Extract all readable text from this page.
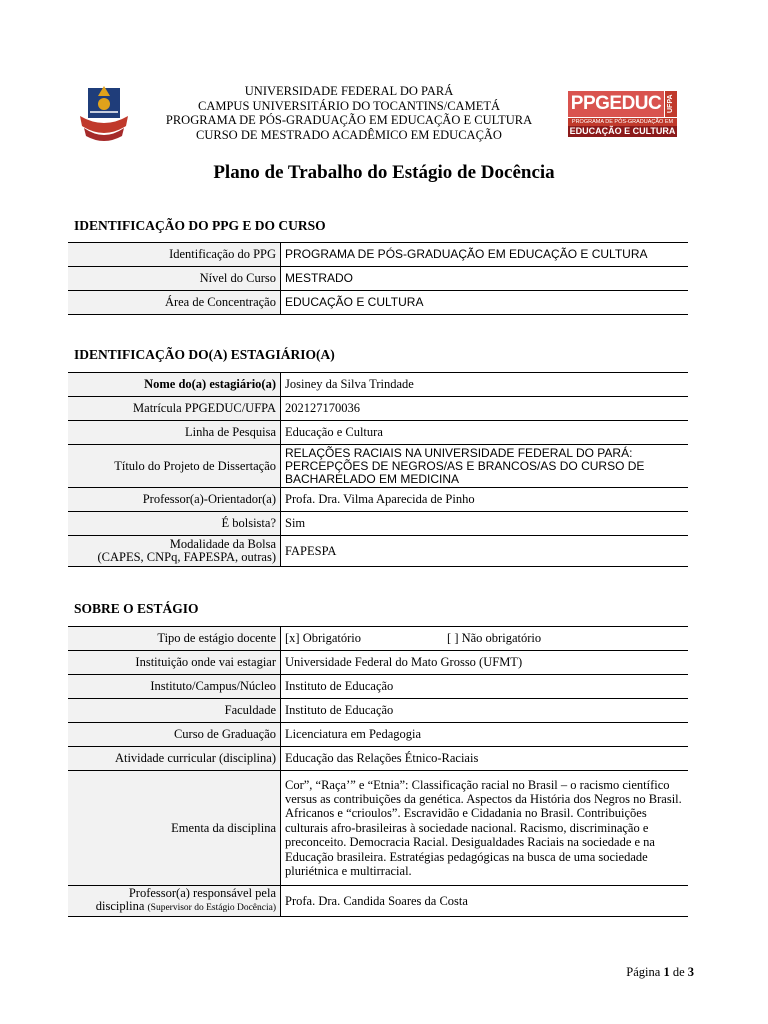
UNIVERSIDADE FEDERAL DO PARÁ
CAMPUS UNIVERSITÁRIO DO TOCANTINS/CAMETÁ
PROGRAMA DE PÓS-GRADUAÇÃO EM EDUCAÇÃO E CULTURA
CURSO DE MESTRADO ACADÊMICO EM EDUCAÇÃO
PPGEDUC UFPA
PROGRAMA DE PÓS-GRADUAÇÃO EM
EDUCAÇÃO E CULTURA
Plano de Trabalho do Estágio de Docência
IDENTIFICAÇÃO DO PPG E DO CURSO
Identificação do PPG	PROGRAMA DE PÓS-GRADUAÇÃO EM EDUCAÇÃO E CULTURA
Nível do Curso	MESTRADO
Área de Concentração	EDUCAÇÃO E CULTURA
IDENTIFICAÇÃO DO(A) ESTAGIÁRIO(A)
Nome do(a) estagiário(a)	Josiney da Silva Trindade
Matrícula PPGEDUC/UFPA	202127170036
Linha de Pesquisa	Educação e Cultura
Título do Projeto de Dissertação	RELAÇÕES RACIAIS NA UNIVERSIDADE FEDERAL DO PARÁ: PERCEPÇÕES DE NEGROS/AS E BRANCOS/AS DO CURSO DE BACHARELADO EM MEDICINA
Professor(a)-Orientador(a)	Profa. Dra. Vilma Aparecida de Pinho
É bolsista?	Sim

Modalidade da Bolsa
(CAPES, CNPq, FAPESPA, outras)	FAPESPA
SOBRE O ESTÁGIO
Tipo de estágio docente	[x] Obrigatório [ ] Não obrigatório
Instituição onde vai estagiar	Universidade Federal do Mato Grosso (UFMT)
Instituto/Campus/Núcleo	Instituto de Educação
Faculdade	Instituto de Educação
Curso de Graduação	Licenciatura em Pedagogia
Atividade curricular (disciplina)	Educação das Relações Étnico-Raciais
Ementa da disciplina	Cor”, “Raça’” e “Etnia”: Classificação racial no Brasil – o racismo científico versus as contribuições da genética. Aspectos da História dos Negros no Brasil. Africanos e “crioulos”. Escravidão e Cidadania no Brasil. Contribuições culturais afro-brasileiras à sociedade nacional. Racismo, discriminação e preconceito. Democracia Racial. Desigualdades Raciais na sociedade e na Educação brasileira. Estratégias pedagógicas na busca de uma sociedade pluriétnica e multirracial.

Professor(a) responsável pela
disciplina (Supervisor do Estágio Docência)	Profa. Dra. Candida Soares da Costa
Página 1 de 3
